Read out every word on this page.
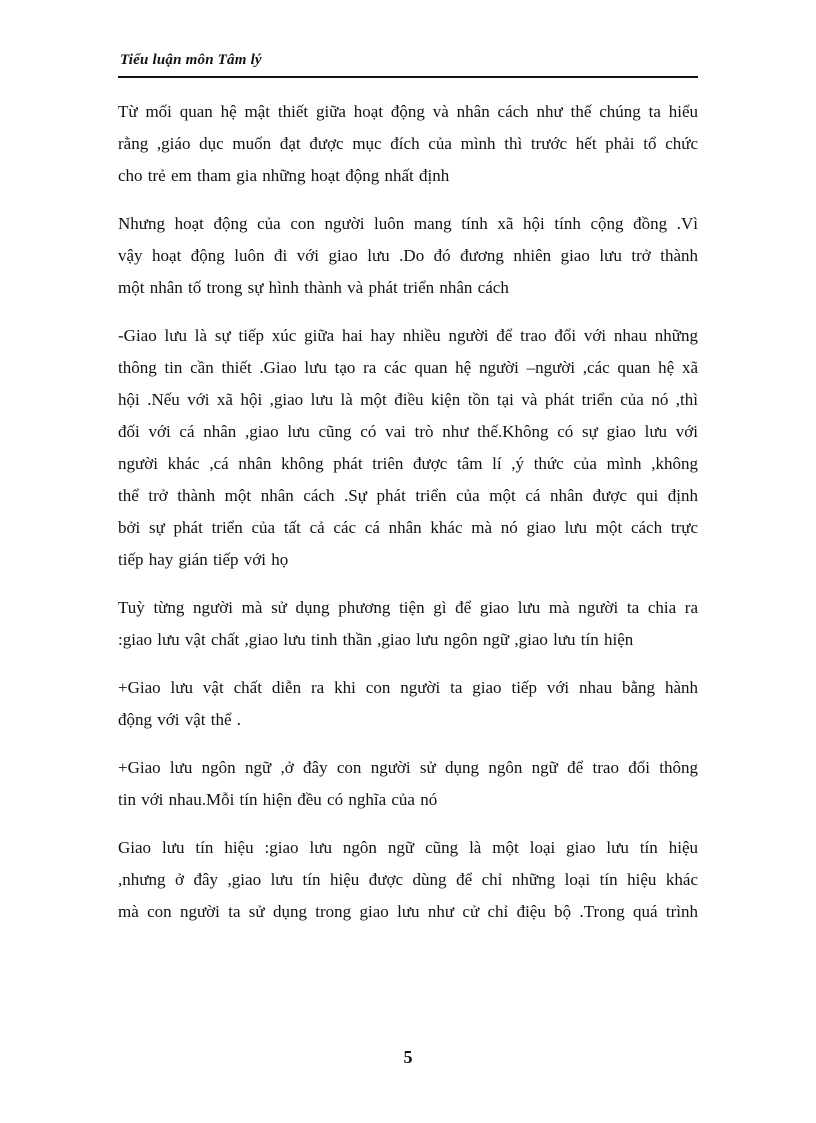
Tiểu luận môn Tâm lý

Từ mối quan hệ mật thiết giữa hoạt động và nhân cách như thế chúng ta hiểu
rằng ,giáo dục muốn đạt được mục đích của mình thì trước hết phải tổ chức
cho trẻ em tham gia những hoạt động nhất định

Nhưng hoạt động của con người luôn mang tính xã hội tính cộng đồng .Vì
vậy hoạt động luôn đi với giao lưu .Do đó đương nhiên giao lưu trở thành
một nhân tố trong sự hình thành và phát triển nhân cách

-Giao lưu là sự tiếp xúc giữa hai hay nhiều người để trao đổi với nhau những
thông tin cần thiết .Giao lưu tạo ra các quan hệ người –người ,các quan hệ xã
hội .Nếu với xã hội ,giao lưu là một điều kiện tồn tại và phát triển của nó ,thì
đối với cá nhân ,giao lưu cũng có vai trò như thế.Không có sự giao lưu với
người khác ,cá nhân không phát triên được tâm lí ,ý thức của mình ,không
thể trở thành một nhân cách .Sự phát triển của một cá nhân được qui định
bởi sự phát triển của tất cả các cá nhân khác mà nó giao lưu một cách trực
tiếp hay gián tiếp với họ

Tuỳ từng người mà sử dụng phương tiện gì để giao lưu mà người ta chia ra
:giao lưu vật chất ,giao lưu tinh thần ,giao lưu ngôn ngữ ,giao lưu tín hiện

+Giao lưu vật chất diễn ra khi con người ta giao tiếp với nhau bằng hành
động với vật thể .

+Giao lưu ngôn ngữ ,ở đây con người sử dụng ngôn ngữ để trao đổi thông
tin với nhau.Mỗi tín hiện đều có nghĩa của nó

Giao lưu tín hiệu :giao lưu ngôn ngữ cũng là một loại giao lưu tín hiệu
,nhưng ở đây ,giao lưu tín hiệu được dùng để chỉ những loại tín hiệu khác
mà con người ta sử dụng trong giao lưu như cử chỉ điệu bộ .Trong quá trình

5
